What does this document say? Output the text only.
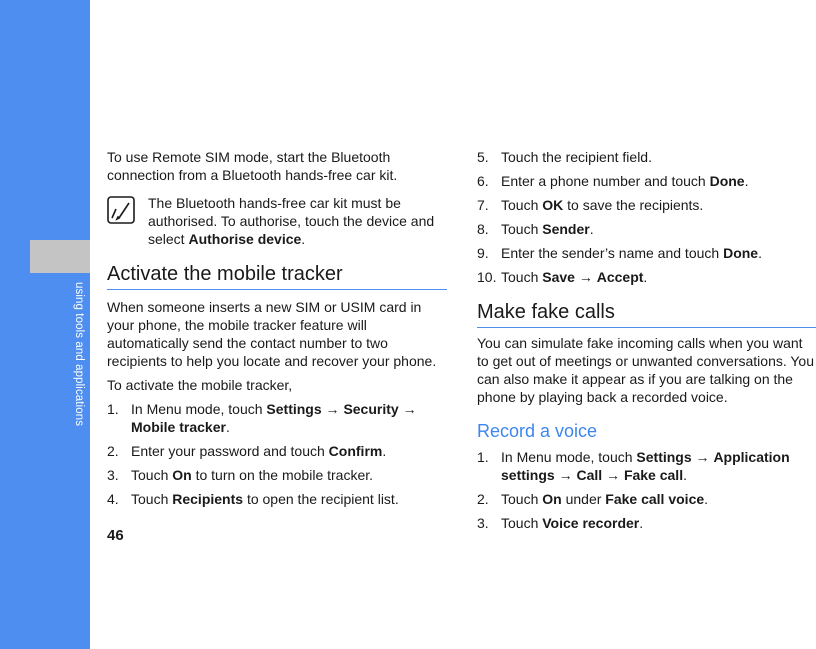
using tools and applications

To use Remote SIM mode, start the Bluetooth connection from a Bluetooth hands-free car kit.

The Bluetooth hands-free car kit must be authorised. To authorise, touch the device and select Authorise device.
Activate the mobile tracker

When someone inserts a new SIM or USIM card in your phone, the mobile tracker feature will automatically send the contact number to two recipients to help you locate and recover your phone.

To activate the mobile tracker,

1. In Menu mode, touch Settings → Security → Mobile tracker.
2. Enter your password and touch Confirm.
3. Touch On to turn on the mobile tracker.
4. Touch Recipients to open the recipient list.
5. Touch the recipient field.
6. Enter a phone number and touch Done.
7. Touch OK to save the recipients.
8. Touch Sender.
9. Enter the sender’s name and touch Done.
10. Touch Save → Accept.
Make fake calls

You can simulate fake incoming calls when you want to get out of meetings or unwanted conversations. You can also make it appear as if you are talking on the phone by playing back a recorded voice.

Record a voice
1. In Menu mode, touch Settings → Application settings → Call → Fake call.
2. Touch On under Fake call voice.
3. Touch Voice recorder.
46
